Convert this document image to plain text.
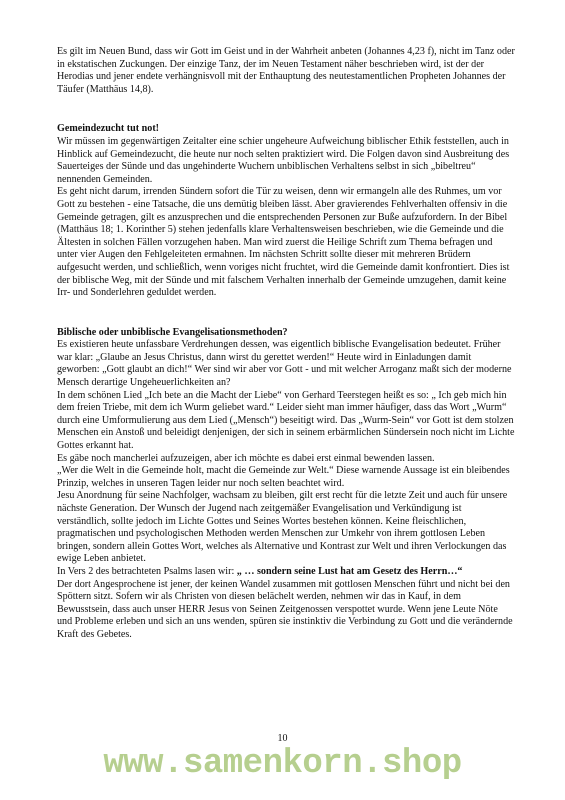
Es gilt im Neuen Bund, dass wir Gott im Geist und in der Wahrheit anbeten (Johannes 4,23 f), nicht im Tanz oder in ekstatischen Zuckungen. Der einzige Tanz, der im Neuen Testament näher beschrieben wird, ist der der Herodias und jener endete verhängnisvoll mit der Enthauptung des neutestamentlichen Propheten Johannes der Täufer (Matthäus 14,8).

Gemeindezucht tut not!

Wir müssen im gegenwärtigen Zeitalter eine schier ungeheure Aufweichung biblischer Ethik feststellen, auch in Hinblick auf Gemeindezucht, die heute nur noch selten praktiziert wird. Die Folgen davon sind Ausbreitung des Sauerteiges der Sünde und das ungehinderte Wuchern unbiblischen Verhaltens selbst in sich „bibeltreu“ nennenden Gemeinden.

Es geht nicht darum, irrenden Sündern sofort die Tür zu weisen, denn wir ermangeln alle des Ruhmes, um vor Gott zu bestehen - eine Tatsache, die uns demütig bleiben lässt. Aber gravierendes Fehlverhalten offensiv in die Gemeinde getragen, gilt es anzusprechen und die entsprechenden Personen zur Buße aufzufordern. In der Bibel (Matthäus 18; 1. Korinther 5) stehen jedenfalls klare Verhaltensweisen beschrieben, wie die Gemeinde und die Ältesten in solchen Fällen vorzugehen haben. Man wird zuerst die Heilige Schrift zum Thema befragen und unter vier Augen den Fehlgeleiteten ermahnen. Im nächsten Schritt sollte dieser mit mehreren Brüdern aufgesucht werden, und schließlich, wenn voriges nicht fruchtet, wird die Gemeinde damit konfrontiert. Dies ist der biblische Weg, mit der Sünde und mit falschem Verhalten innerhalb der Gemeinde umzugehen, damit keine Irr- und Sonderlehren geduldet werden.

Biblische oder unbiblische Evangelisationsmethoden?

Es existieren heute unfassbare Verdrehungen dessen, was eigentlich biblische Evangelisation bedeutet. Früher war klar: „Glaube an Jesus Christus, dann wirst du gerettet werden!“ Heute wird in Einladungen damit geworben: „Gott glaubt an dich!“ Wer sind wir aber vor Gott - und mit welcher Arroganz maßt sich der moderne Mensch derartige Ungeheuerlichkeiten an?

In dem schönen Lied „Ich bete an die Macht der Liebe“ von Gerhard Teerstegen heißt es so: „ Ich geb mich hin dem freien Triebe, mit dem ich Wurm geliebet ward.“ Leider sieht man immer häufiger, dass das Wort „Wurm“ durch eine Umformulierung aus dem Lied („Mensch“) beseitigt wird. Das „Wurm-Sein“ vor Gott ist dem stolzen Menschen ein Anstoß und beleidigt denjenigen, der sich in seinem erbärmlichen Sündersein noch nicht im Lichte Gottes erkannt hat.

Es gäbe noch mancherlei aufzuzeigen, aber ich möchte es dabei erst einmal bewenden lassen.

„Wer die Welt in die Gemeinde holt, macht die Gemeinde zur Welt.“ Diese warnende Aussage ist ein bleibendes Prinzip, welches in unseren Tagen leider nur noch selten beachtet wird.

Jesu Anordnung für seine Nachfolger, wachsam zu bleiben, gilt erst recht für die letzte Zeit und auch für unsere nächste Generation. Der Wunsch der Jugend nach zeitgemäßer Evangelisation und Verkündigung ist verständlich, sollte jedoch im Lichte Gottes und Seines Wortes bestehen können. Keine fleischlichen, pragmatischen und psychologischen Methoden werden Menschen zur Umkehr von ihrem gottlosen Leben bringen, sondern allein Gottes Wort, welches als Alternative und Kontrast zur Welt und ihren Verlockungen das ewige Leben anbietet.

In Vers 2 des betrachteten Psalms lasen wir: „ … sondern seine Lust hat am Gesetz des Herrn…“

Der dort Angesprochene ist jener, der keinen Wandel zusammen mit gottlosen Menschen führt und nicht bei den Spöttern sitzt. Sofern wir als Christen von diesen belächelt werden, nehmen wir das in Kauf, in dem Bewusstsein, dass auch unser HERR Jesus von Seinen Zeitgenossen verspottet wurde. Wenn jene Leute Nöte und Probleme erleben und sich an uns wenden, spüren sie instinktiv die Verbindung zu Gott und die verändernde Kraft des Gebetes.

10
www.samenkorn.shop
